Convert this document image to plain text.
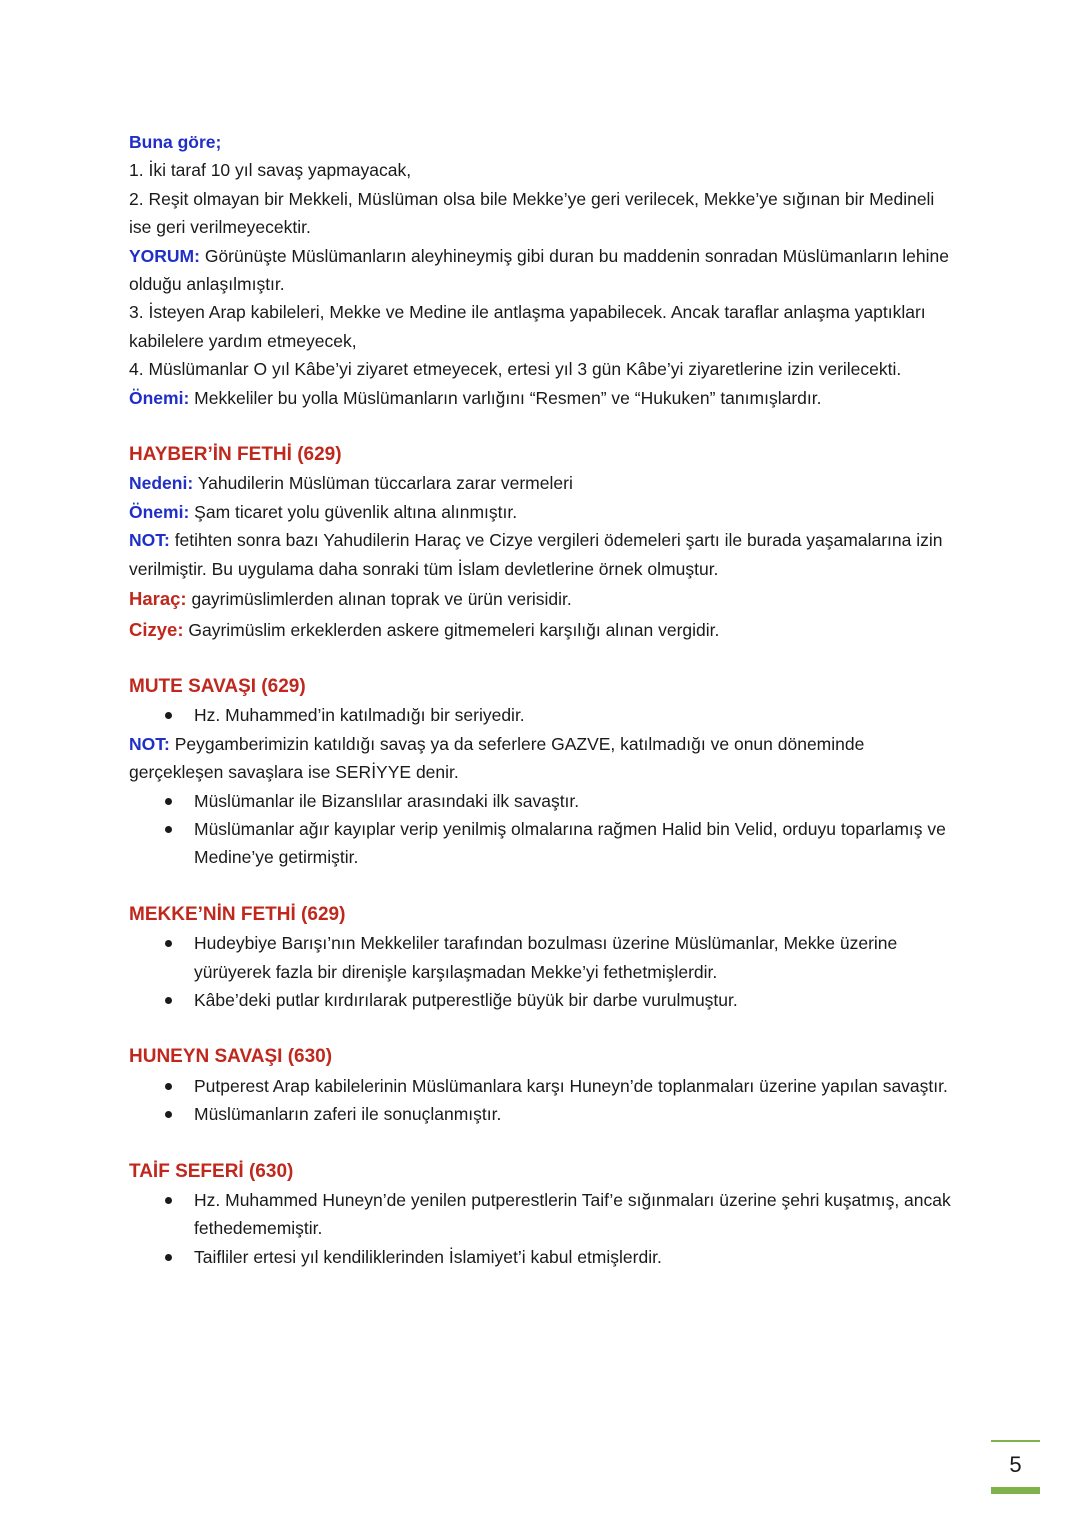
Buna göre;

1. İki taraf 10 yıl savaş yapmayacak,

2. Reşit olmayan bir Mekkeli, Müslüman olsa bile Mekke’ye geri verilecek, Mekke’ye sığınan bir Medineli ise geri verilmeyecektir.

YORUM: Görünüşte Müslümanların aleyhineymiş gibi duran bu maddenin sonradan Müslümanların lehine olduğu anlaşılmıştır.

3. İsteyen Arap kabileleri, Mekke ve Medine ile antlaşma yapabilecek. Ancak taraflar anlaşma yaptıkları kabilelere yardım etmeyecek,

4. Müslümanlar O yıl Kâbe’yi ziyaret etmeyecek, ertesi yıl 3 gün Kâbe’yi ziyaretlerine izin verilecekti.

Önemi: Mekkeliler bu yolla Müslümanların varlığını “Resmen” ve “Hukuken” tanımışlardır.

HAYBER’İN FETHİ (629)

Nedeni: Yahudilerin Müslüman tüccarlara zarar vermeleri

Önemi: Şam ticaret yolu güvenlik altına alınmıştır.

NOT: fetihten sonra bazı Yahudilerin Haraç ve Cizye vergileri ödemeleri şartı ile burada yaşamalarına izin verilmiştir. Bu uygulama daha sonraki tüm İslam devletlerine örnek olmuştur.

Haraç: gayrimüslimlerden alınan toprak ve ürün verisidir.

Cizye: Gayrimüslim erkeklerden askere gitmemeleri karşılığı alınan vergidir.

MUTE SAVAŞI (629)

Hz. Muhammed’in katılmadığı bir seriyedir.

NOT: Peygamberimizin katıldığı savaş ya da seferlere GAZVE, katılmadığı ve onun döneminde gerçekleşen savaşlara ise SERİYYE denir.

Müslümanlar ile Bizanslılar arasındaki ilk savaştır.
Müslümanlar ağır kayıplar verip yenilmiş olmalarına rağmen Halid bin Velid, orduyu toparlamış ve Medine’ye getirmiştir.

MEKKE’NİN FETHİ (629)

Hudeybiye Barışı’nın Mekkeliler tarafından bozulması üzerine Müslümanlar, Mekke üzerine yürüyerek fazla bir direnişle karşılaşmadan Mekke’yi fethetmişlerdir.
Kâbe’deki putlar kırdırılarak putperestliğe büyük bir darbe vurulmuştur.

HUNEYN SAVAŞI (630)

Putperest Arap kabilelerinin Müslümanlara karşı Huneyn’de toplanmaları üzerine yapılan savaştır.
Müslümanların zaferi ile sonuçlanmıştır.

TAİF SEFERİ (630)

Hz. Muhammed Huneyn’de yenilen putperestlerin Taif’e sığınmaları üzerine şehri kuşatmış, ancak fethedememiştir.
Taifliler ertesi yıl kendiliklerinden İslamiyet’i kabul etmişlerdir.
5
